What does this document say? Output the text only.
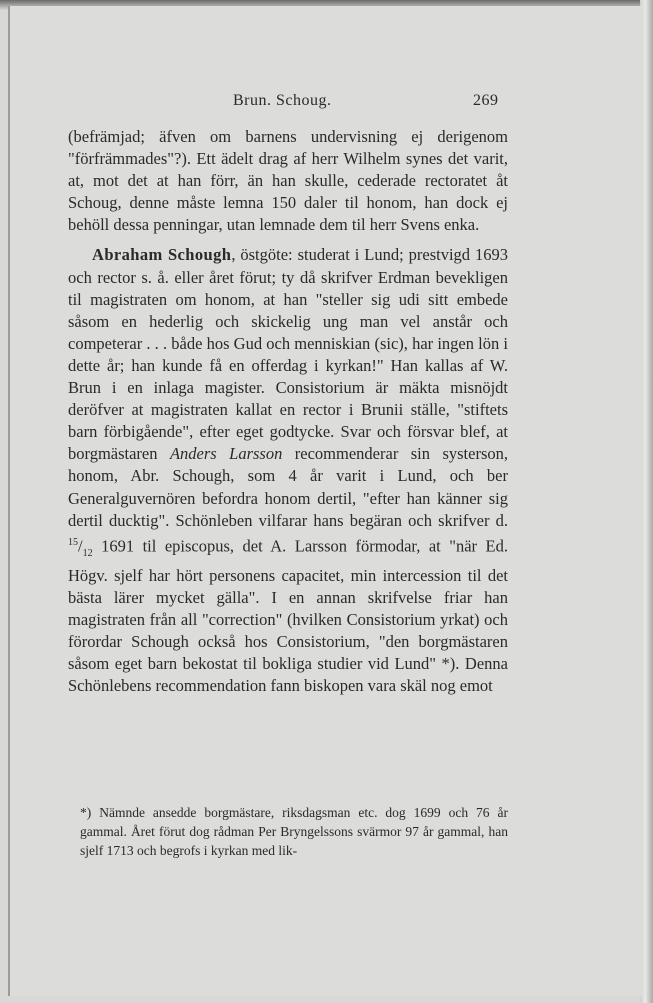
Brun. Schoug.	269

(befrämjad; äfven om barnens undervisning ej derigenom "förfrämmades"?). Ett ädelt drag af herr Wilhelm synes det varit, at, mot det at han förr, än han skulle, cederade rectoratet åt Schoug, denne måste lemna 150 daler til honom, han dock ej behöll dessa penningar, utan lemnade dem til herr Svens enka.

Abraham Schough, östgöte: studerat i Lund; prestvigd 1693 och rector s. å. eller året förut; ty då skrifver Erdman bevekligen til magistraten om honom, at han "steller sig udi sitt embede såsom en hederlig och skickelig ung man vel anstår och competerar . . . både hos Gud och menniskian (sic), har ingen lön i dette år; han kunde få en offerdag i kyrkan!" Han kallas af W. Brun i en inlaga magister. Consistorium är mäkta misnöjdt deröfver at magistraten kallat en rector i Brunii ställe, "stiftets barn förbigående", efter eget godtycke. Svar och försvar blef, at borgmästaren Anders Larsson recommenderar sin systerson, honom, Abr. Schough, som 4 år varit i Lund, och ber Generalguvernören befordra honom dertil, "efter han känner sig dertil ducktig". Schönleben vilfarar hans begäran och skrifver d. $^{15}/_{12}$ 1691 til episcopus, det A. Larsson förmodar, at "när Ed. Högv. sjelf har hört personens capacitet, min intercession til det bästa lärer mycket gälla". I en annan skrifvelse friar han magistraten från all "correction" (hvilken Consistorium yrkat) och förordar Schough också hos Consistorium, "den borgmästaren såsom eget barn bekostat til bokliga studier vid Lund" *). Denna Schönlebens recommendation fann biskopen vara skäl nog emot

*) Nämnde ansedde borgmästare, riksdagsman etc. dog 1699 och 76 år gammal. Året förut dog rådman Per Bryngelssons svärmor 97 år gammal, han sjelf 1713 och begrofs i kyrkan med lik-
